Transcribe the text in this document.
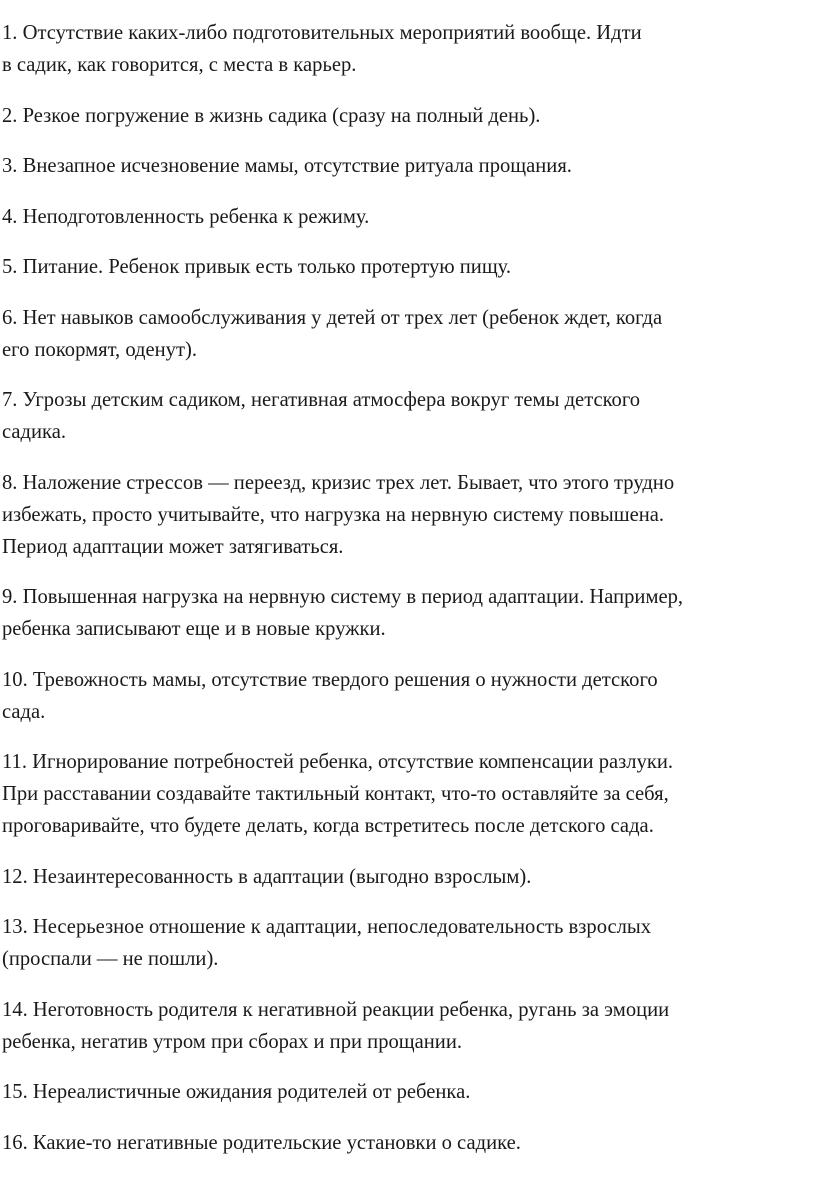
1. Отсутствие каких-либо подготовительных мероприятий вообще. Идти
в садик, как говорится, с места в карьер.

2. Резкое погружение в жизнь садика (сразу на полный день).

3. Внезапное исчезновение мамы, отсутствие ритуала прощания.

4. Неподготовленность ребенка к режиму.

5. Питание. Ребенок привык есть только протертую пищу.

6. Нет навыков самообслуживания у детей от трех лет (ребенок ждет, когда
его покормят, оденут).

7. Угрозы детским садиком, негативная атмосфера вокруг темы детского
садика.

8. Наложение стрессов — переезд, кризис трех лет. Бывает, что этого трудно
избежать, просто учитывайте, что нагрузка на нервную систему повышена.
Период адаптации может затягиваться.

9. Повышенная нагрузка на нервную систему в период адаптации. Например,
ребенка записывают еще и в новые кружки.

10. Тревожность мамы, отсутствие твердого решения о нужности детского
сада.

11. Игнорирование потребностей ребенка, отсутствие компенсации разлуки.
При расставании создавайте тактильный контакт, что-то оставляйте за себя,
проговаривайте, что будете делать, когда встретитесь после детского сада.

12. Незаинтересованность в адаптации (выгодно взрослым).

13. Несерьезное отношение к адаптации, непоследовательность взрослых
(проспали — не пошли).

14. Неготовность родителя к негативной реакции ребенка, ругань за эмоции
ребенка, негатив утром при сборах и при прощании.

15. Нереалистичные ожидания родителей от ребенка.

16. Какие-то негативные родительские установки о садике.
